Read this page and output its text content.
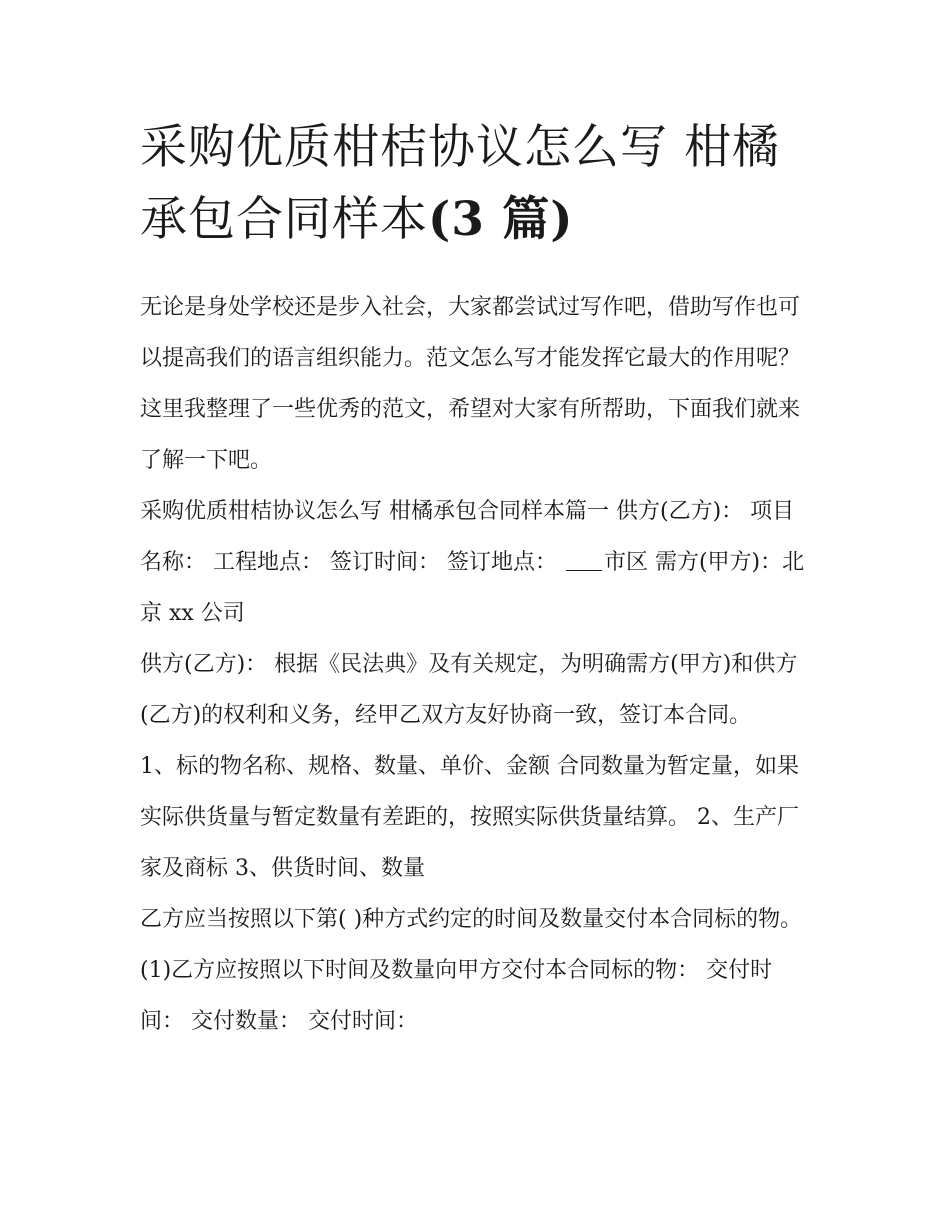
采购优质柑桔协议怎么写 柑橘承包合同样本(3 篇)

无论是身处学校还是步入社会，大家都尝试过写作吧，借助写作也可以提高我们的语言组织能力。范文怎么写才能发挥它最大的作用呢？这里我整理了一些优秀的范文，希望对大家有所帮助，下面我们就来了解一下吧。

采购优质柑桔协议怎么写 柑橘承包合同样本篇一 供方(乙方)： 项目名称： 工程地点： 签订时间： 签订地点： 市区 需方(甲方)：北京 xx 公司

供方(乙方)： 根据《民法典》及有关规定，为明确需方(甲方)和供方(乙方)的权利和义务，经甲乙双方友好协商一致，签订本合同。

1、标的物名称、规格、数量、单价、金额 合同数量为暂定量，如果实际供货量与暂定数量有差距的，按照实际供货量结算。 2、生产厂家及商标 3、供货时间、数量

乙方应当按照以下第( )种方式约定的时间及数量交付本合同标的物。 (1)乙方应按照以下时间及数量向甲方交付本合同标的物： 交付时间： 交付数量： 交付时间：
